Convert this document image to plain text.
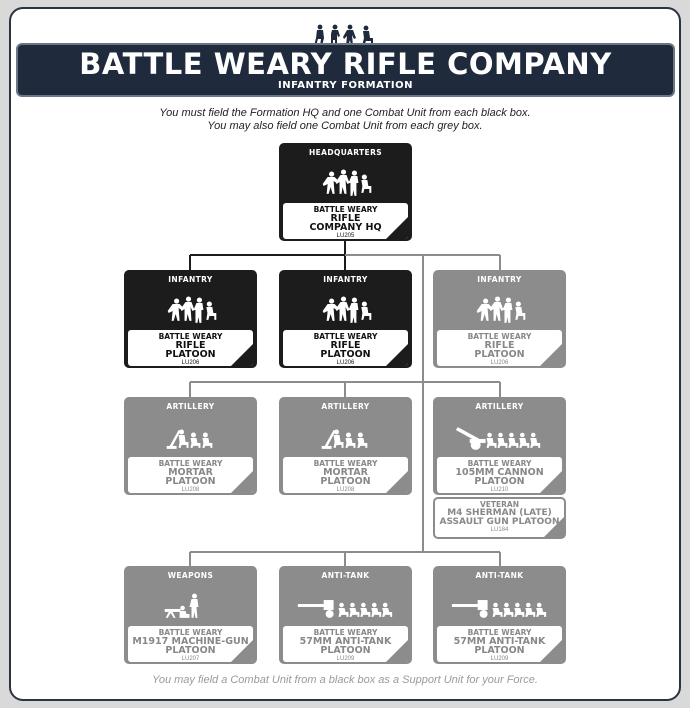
BATTLE WEARY RIFLE COMPANY
INFANTRY FORMATION
You must field the Formation HQ and one Combat Unit from each black box.
You may also field one Combat Unit from each grey box.
HEADQUARTERS
BATTLE WEARY
RIFLE
COMPANY HQ
LU205
51
INFANTRY
BATTLE WEARY
RIFLE
PLATOON
LU206
51
INFANTRY
BATTLE WEARY
RIFLE
PLATOON
LU206
51
INFANTRY
BATTLE WEARY
RIFLE
PLATOON
LU206
51
ARTILLERY
BATTLE WEARY
MORTAR
PLATOON
LU208
52
ARTILLERY
BATTLE WEARY
MORTAR
PLATOON
LU208
52
ARTILLERY
BATTLE WEARY
105MM CANNON
PLATOON
LU210
53
WEAPONS
BATTLE WEARY
M1917 MACHINE-GUN
PLATOON
LU207
52
ANTI-TANK
BATTLE WEARY
57MM ANTI-TANK
PLATOON
LU209
53
ANTI-TANK
BATTLE WEARY
57MM ANTI-TANK
PLATOON
LU209
53
VETERAN
M4 SHERMAN (LATE)
ASSAULT GUN PLATOON
LU184
27
You may field a Combat Unit from a black box as a Support Unit for your Force.
